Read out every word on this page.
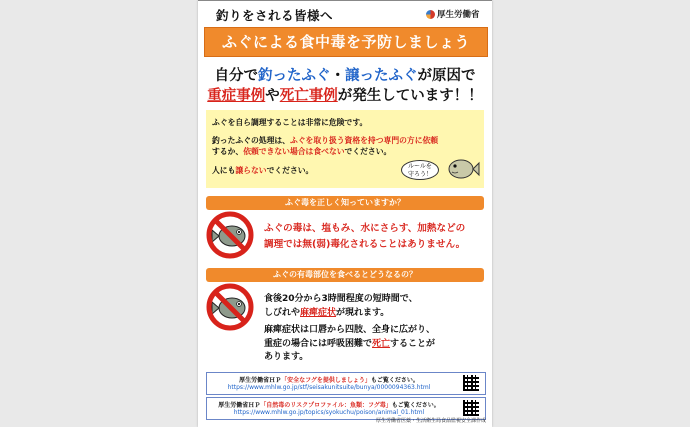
釣りをされる皆様へ	厚生労働省
ふぐによる食中毒を予防しましょう
自分で釣ったふぐ・譲ったふぐが原因で
重症事例や死亡事例が発生しています！！
ふぐを自ら調理することは非常に危険です。
釣ったふぐの処理は、ふぐを取り扱う資格を持つ専門の方に依頼
するか、依頼できない場合は食べないでください。
人にも譲らないでください。	ルールを
守ろう！
ふぐ毒を正しく知っていますか？
ふぐの毒は、塩もみ、水にさらす、加熱などの
調理では無(弱)毒化されることはありません。
ふぐの有毒部位を食べるとどうなるの？
食後20分から3時間程度の短時間で、
しびれや麻痺症状が現れます。
麻痺症状は口唇から四肢、全身に広がり、
重症の場合には呼吸困難で死亡することが
あります。
厚生労働省ＨＰ「安全なフグを提供しましょう」もご覧ください。
https://www.mhlw.go.jp/stf/seisakunitsuite/bunya/0000094363.html
厚生労働省ＨＰ「自然毒のリスクプロファイル：魚類：フグ毒」もご覧ください。
https://www.mhlw.go.jp/topics/syokuchu/poison/animal_01.html
厚生労働省医薬・生活衛生局食品監視安全課作成
